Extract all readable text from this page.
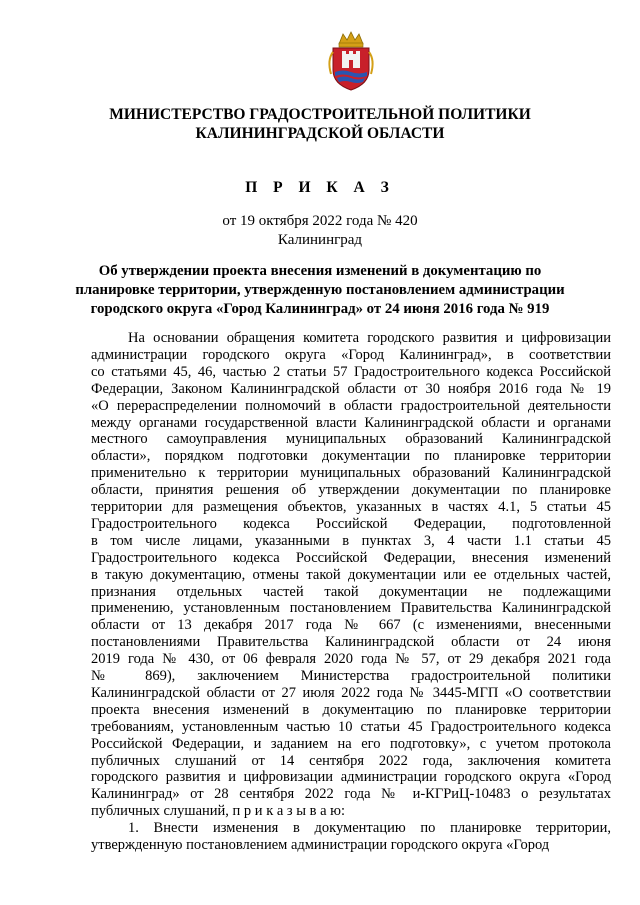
МИНИСТЕРСТВО ГРАДОСТРОИТЕЛЬНОЙ ПОЛИТИКИ
КАЛИНИНГРАДСКОЙ ОБЛАСТИ
П Р И К А З
от 19 октября 2022 года № 420
Калининград
Об утверждении проекта внесения изменений в документацию по
планировке территории, утвержденную постановлением администрации
городского округа «Город Калининград» от 24 июня 2016 года № 919
На основании обращения комитета городского развития и цифровизации
администрации городского округа «Город Калининград», в соответствии
со статьями 45, 46, частью 2 статьи 57 Градостроительного кодекса Российской
Федерации, Законом Калининградской области от 30 ноября 2016 года № 19
«О перераспределении полномочий в области градостроительной деятельности
между органами государственной власти Калининградской области и органами
местного самоуправления муниципальных образований Калининградской
области», порядком подготовки документации по планировке территории
применительно к территории муниципальных образований Калининградской
области, принятия решения об утверждении документации по планировке
территории для размещения объектов, указанных в частях 4.1, 5 статьи 45
Градостроительного кодекса Российской Федерации, подготовленной
в том числе лицами, указанными в пунктах 3, 4 части 1.1 статьи 45
Градостроительного кодекса Российской Федерации, внесения изменений
в такую документацию, отмены такой документации или ее отдельных частей,
признания отдельных частей такой документации не подлежащими
применению, установленным постановлением Правительства Калининградской
области от 13 декабря 2017 года № 667 (с изменениями, внесенными
постановлениями Правительства Калининградской области от 24 июня
2019 года № 430, от 06 февраля 2020 года № 57, от 29 декабря 2021 года
№ 869), заключением Министерства градостроительной политики
Калининградской области от 27 июля 2022 года № 3445-МГП «О соответствии
проекта внесения изменений в документацию по планировке территории
требованиям, установленным частью 10 статьи 45 Градостроительного кодекса
Российской Федерации, и заданием на его подготовку», с учетом протокола
публичных слушаний от 14 сентября 2022 года, заключения комитета
городского развития и цифровизации администрации городского округа «Город
Калининград» от 28 сентября 2022 года № и-КГРиЦ-10483 о результатах
публичных слушаний, п р и к а з ы в а ю:
1. Внести изменения в документацию по планировке территории,
утвержденную постановлением администрации городского округа «Город
